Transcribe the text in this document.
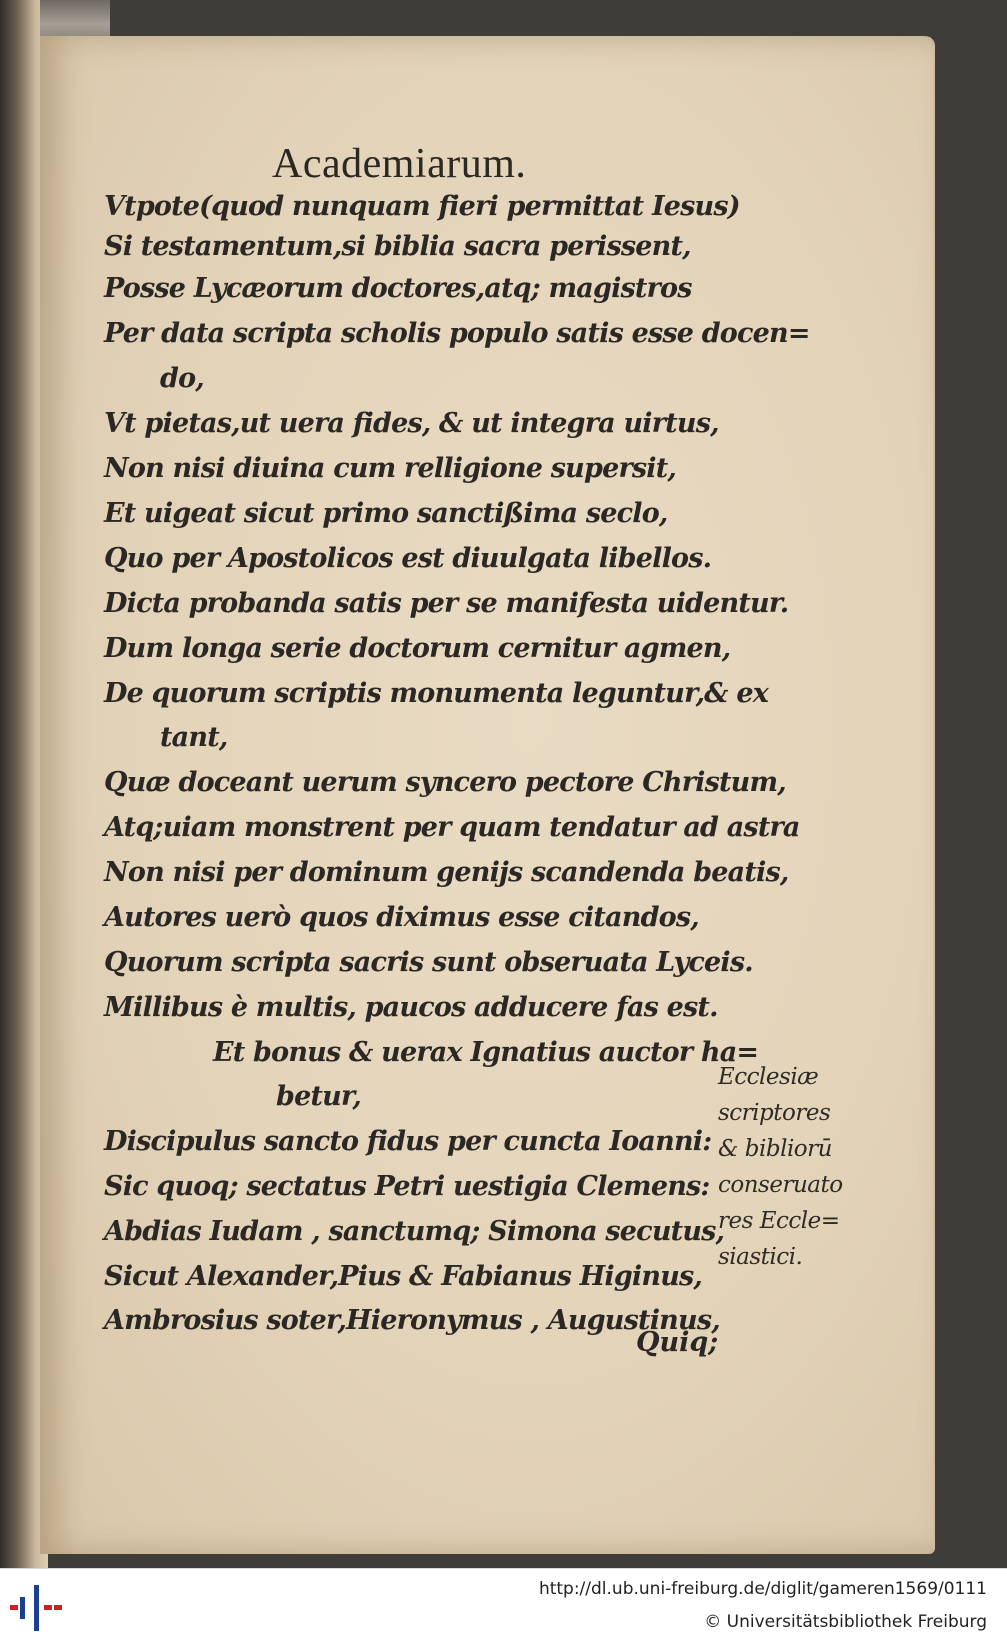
Academiarum.

Vtpote(quod nunquam fieri permittat Iesus)

Si testamentum,si biblia sacra perissent,

Posse Lycæorum doctores,atq; magistros

Per data scripta scholis populo satis esse docen=

do,

Vt pietas,ut uera fides, & ut integra uirtus,

Non nisi diuina cum relligione supersit,

Et uigeat sicut primo sanctißima seclo,

Quo per Apostolicos est diuulgata libellos.

Dicta probanda satis per se manifesta uidentur.

Dum longa serie doctorum cernitur agmen,

De quorum scriptis monumenta leguntur,& ex

tant,

Quæ doceant uerum syncero pectore Christum,

Atq;uiam monstrent per quam tendatur ad astra

Non nisi per dominum genijs scandenda beatis,

Autores uerò quos diximus esse citandos,

Quorum scripta sacris sunt obseruata Lyceis.

Millibus è multis, paucos adducere fas est.

Et bonus & uerax Ignatius auctor ha=

betur,

Discipulus sancto fidus per cuncta Ioanni:

Sic quoq; sectatus Petri uestigia Clemens:

Abdias Iudam , sanctumq; Simona secutus,

Sicut Alexander,Pius & Fabianus Higinus,

Ambrosius soter,Hieronymus , Augustinus,

Ecclesiæ
scriptores
& bibliorū
conseruato
res Eccle=
siastici.

Quiq;

http://dl.ub.uni-freiburg.de/diglit/gameren1569/0111

© Universitätsbibliothek Freiburg
